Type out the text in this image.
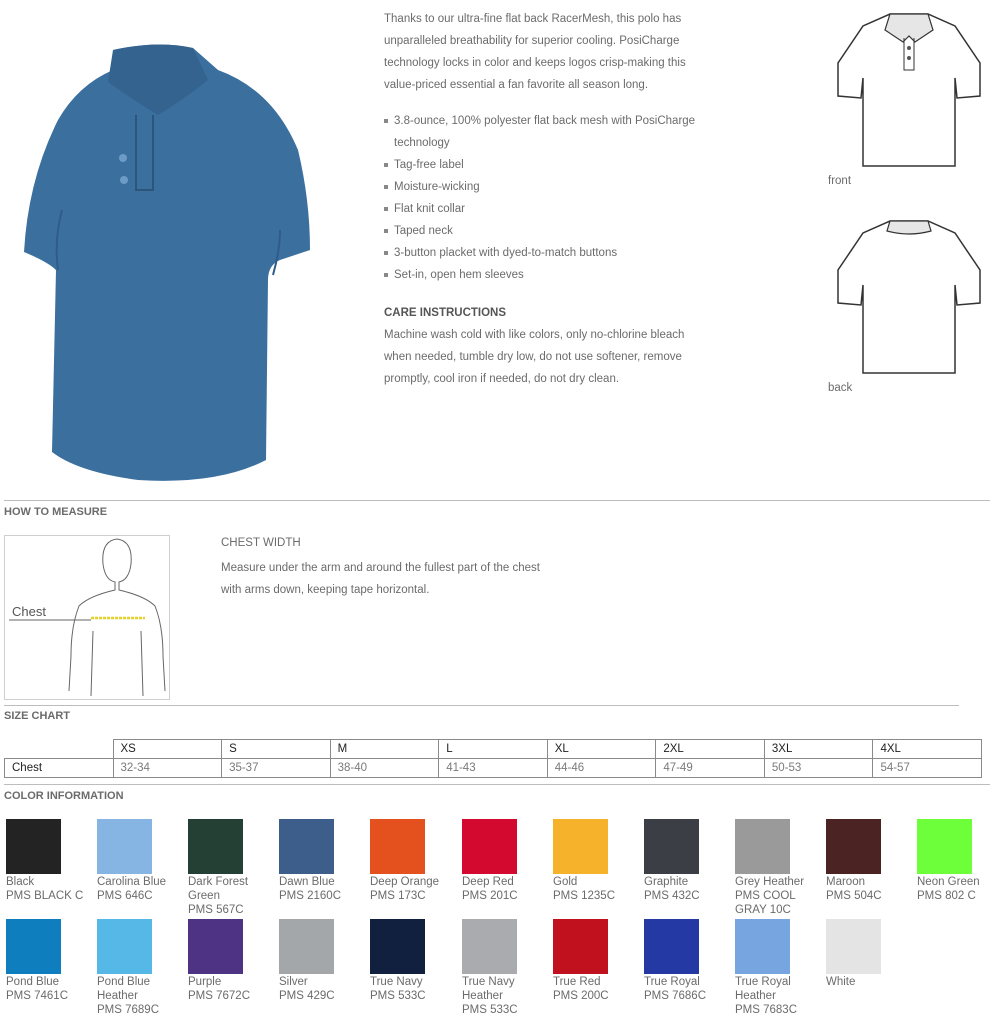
Thanks to our ultra-fine flat back RacerMesh, this polo has unparalleled breathability for superior cooling. PosiCharge technology locks in color and keeps logos crisp-making this value-priced essential a fan favorite all season long.

3.8-ounce, 100% polyester flat back mesh with PosiCharge technology
Tag-free label
Moisture-wicking
Flat knit collar
Taped neck
3-button placket with dyed-to-match buttons
Set-in, open hem sleeves
CARE INSTRUCTIONS

Machine wash cold with like colors, only no-chlorine bleach when needed, tumble dry low, do not use softener, remove promptly, cool iron if needed, do not dry clean.

front
back
HOW TO MEASURE
Chest
CHEST WIDTH
Measure under the arm and around the fullest part of the chest with arms down, keeping tape horizontal.
SIZE CHART
	XS	S	M	L	XL	2XL	3XL	4XL
Chest	32-34	35-37	38-40	41-43	44-46	47-49	50-53	54-57
COLOR INFORMATION
Black
PMS BLACK C
Carolina Blue
PMS 646C
Dark Forest Green
PMS 567C
Dawn Blue
PMS 2160C
Deep Orange
PMS 173C
Deep Red
PMS 201C
Gold
PMS 1235C
Graphite
PMS 432C
Grey Heather
PMS COOL GRAY 10C
Maroon
PMS 504C
Neon Green
PMS 802 C
Pond Blue
PMS 7461C
Pond Blue Heather
PMS 7689C
Purple
PMS 7672C
Silver
PMS 429C
True Navy
PMS 533C
True Navy Heather
PMS 533C
True Red
PMS 200C
True Royal
PMS 7686C
True Royal Heather
PMS 7683C
White
